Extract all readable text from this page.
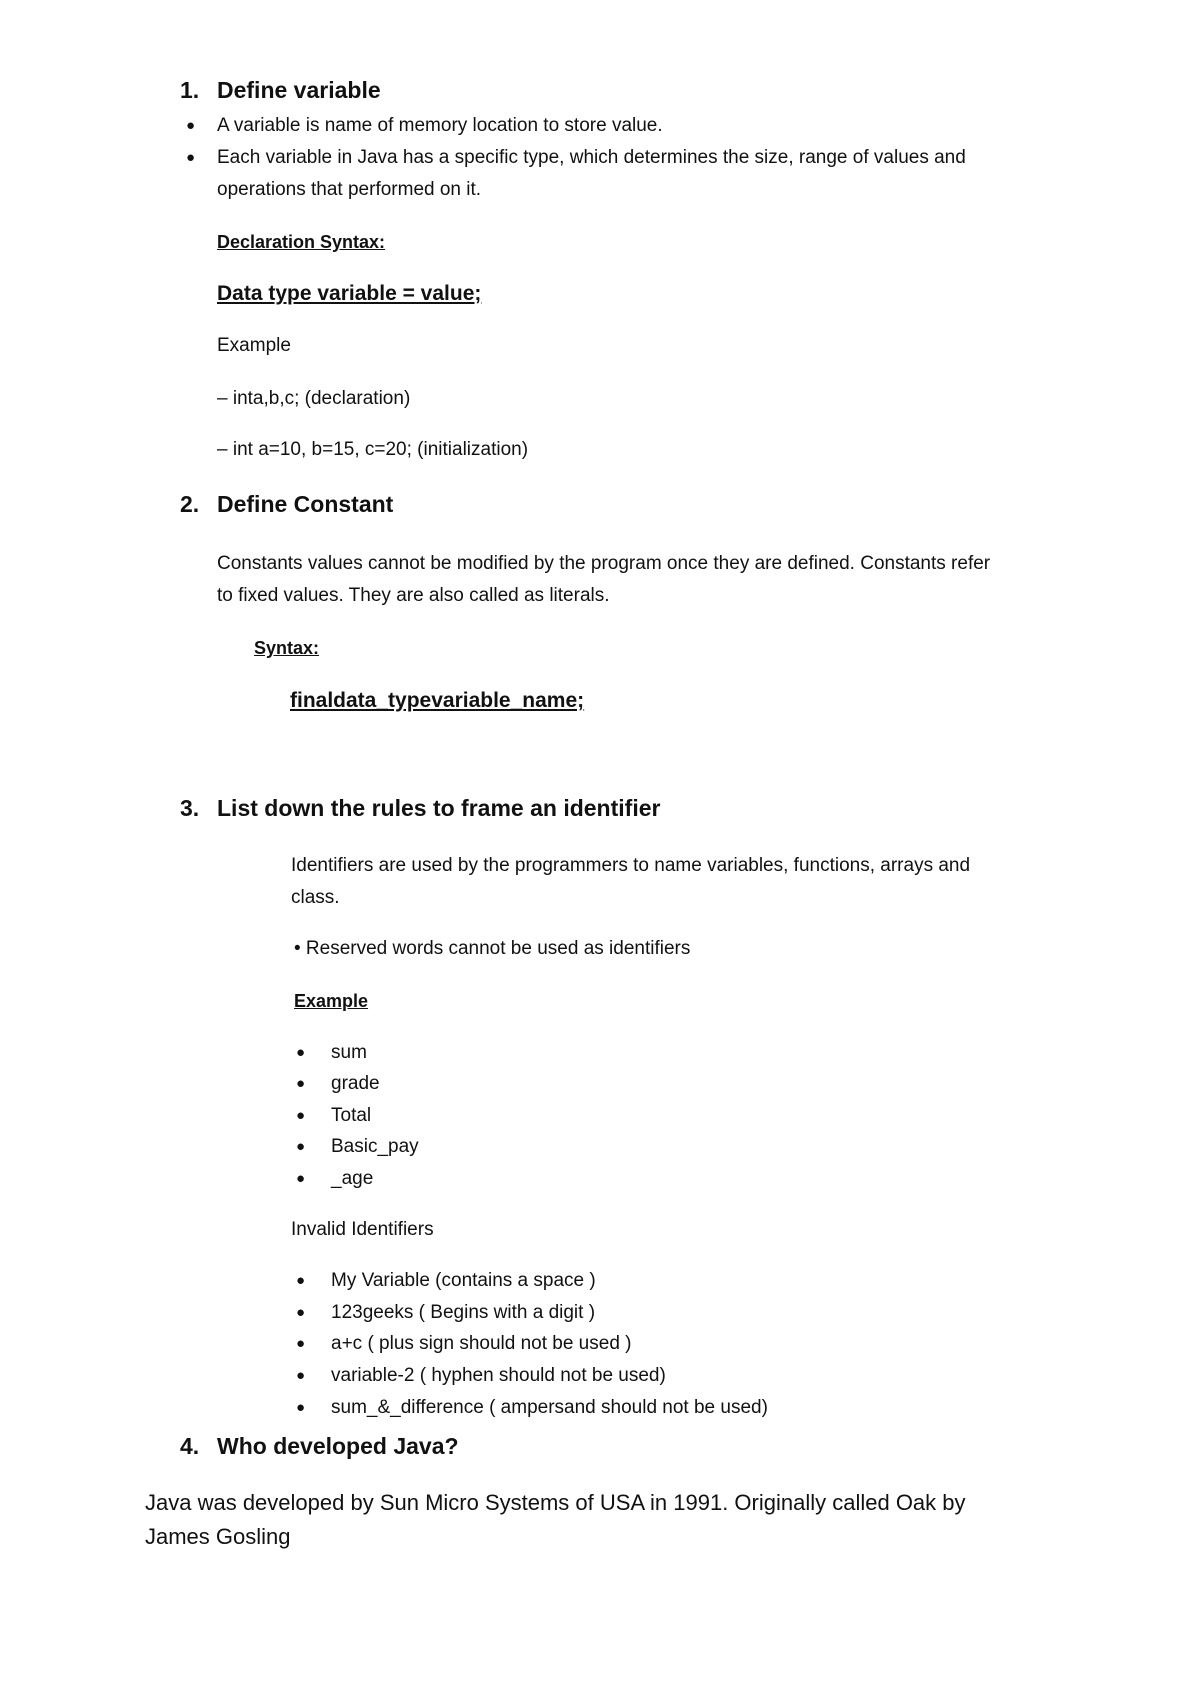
1. Define variable
● A variable is name of memory location to store value.
● Each variable in Java has a specific type, which determines the size, range of values and
operations that performed on it.
Declaration Syntax:
Data type variable = value;
Example
– inta,b,c; (declaration)
– int a=10, b=15, c=20; (initialization)
2. Define Constant
Constants values cannot be modified by the program once they are defined. Constants refer
to fixed values. They are also called as literals.
Syntax:
finaldata_typevariable_name;
3. List down the rules to frame an identifier
Identifiers are used by the programmers to name variables, functions, arrays and
class.
• Reserved words cannot be used as identifiers
Example
● sum
● grade
● Total
● Basic_pay
● _age
Invalid Identifiers
● My Variable (contains a space )
● 123geeks ( Begins with a digit )
● a+c ( plus sign should not be used )
● variable-2 ( hyphen should not be used)
● sum_&_difference ( ampersand should not be used)
4. Who developed Java?
Java was developed by Sun Micro Systems of USA in 1991. Originally called Oak by James Gosling
